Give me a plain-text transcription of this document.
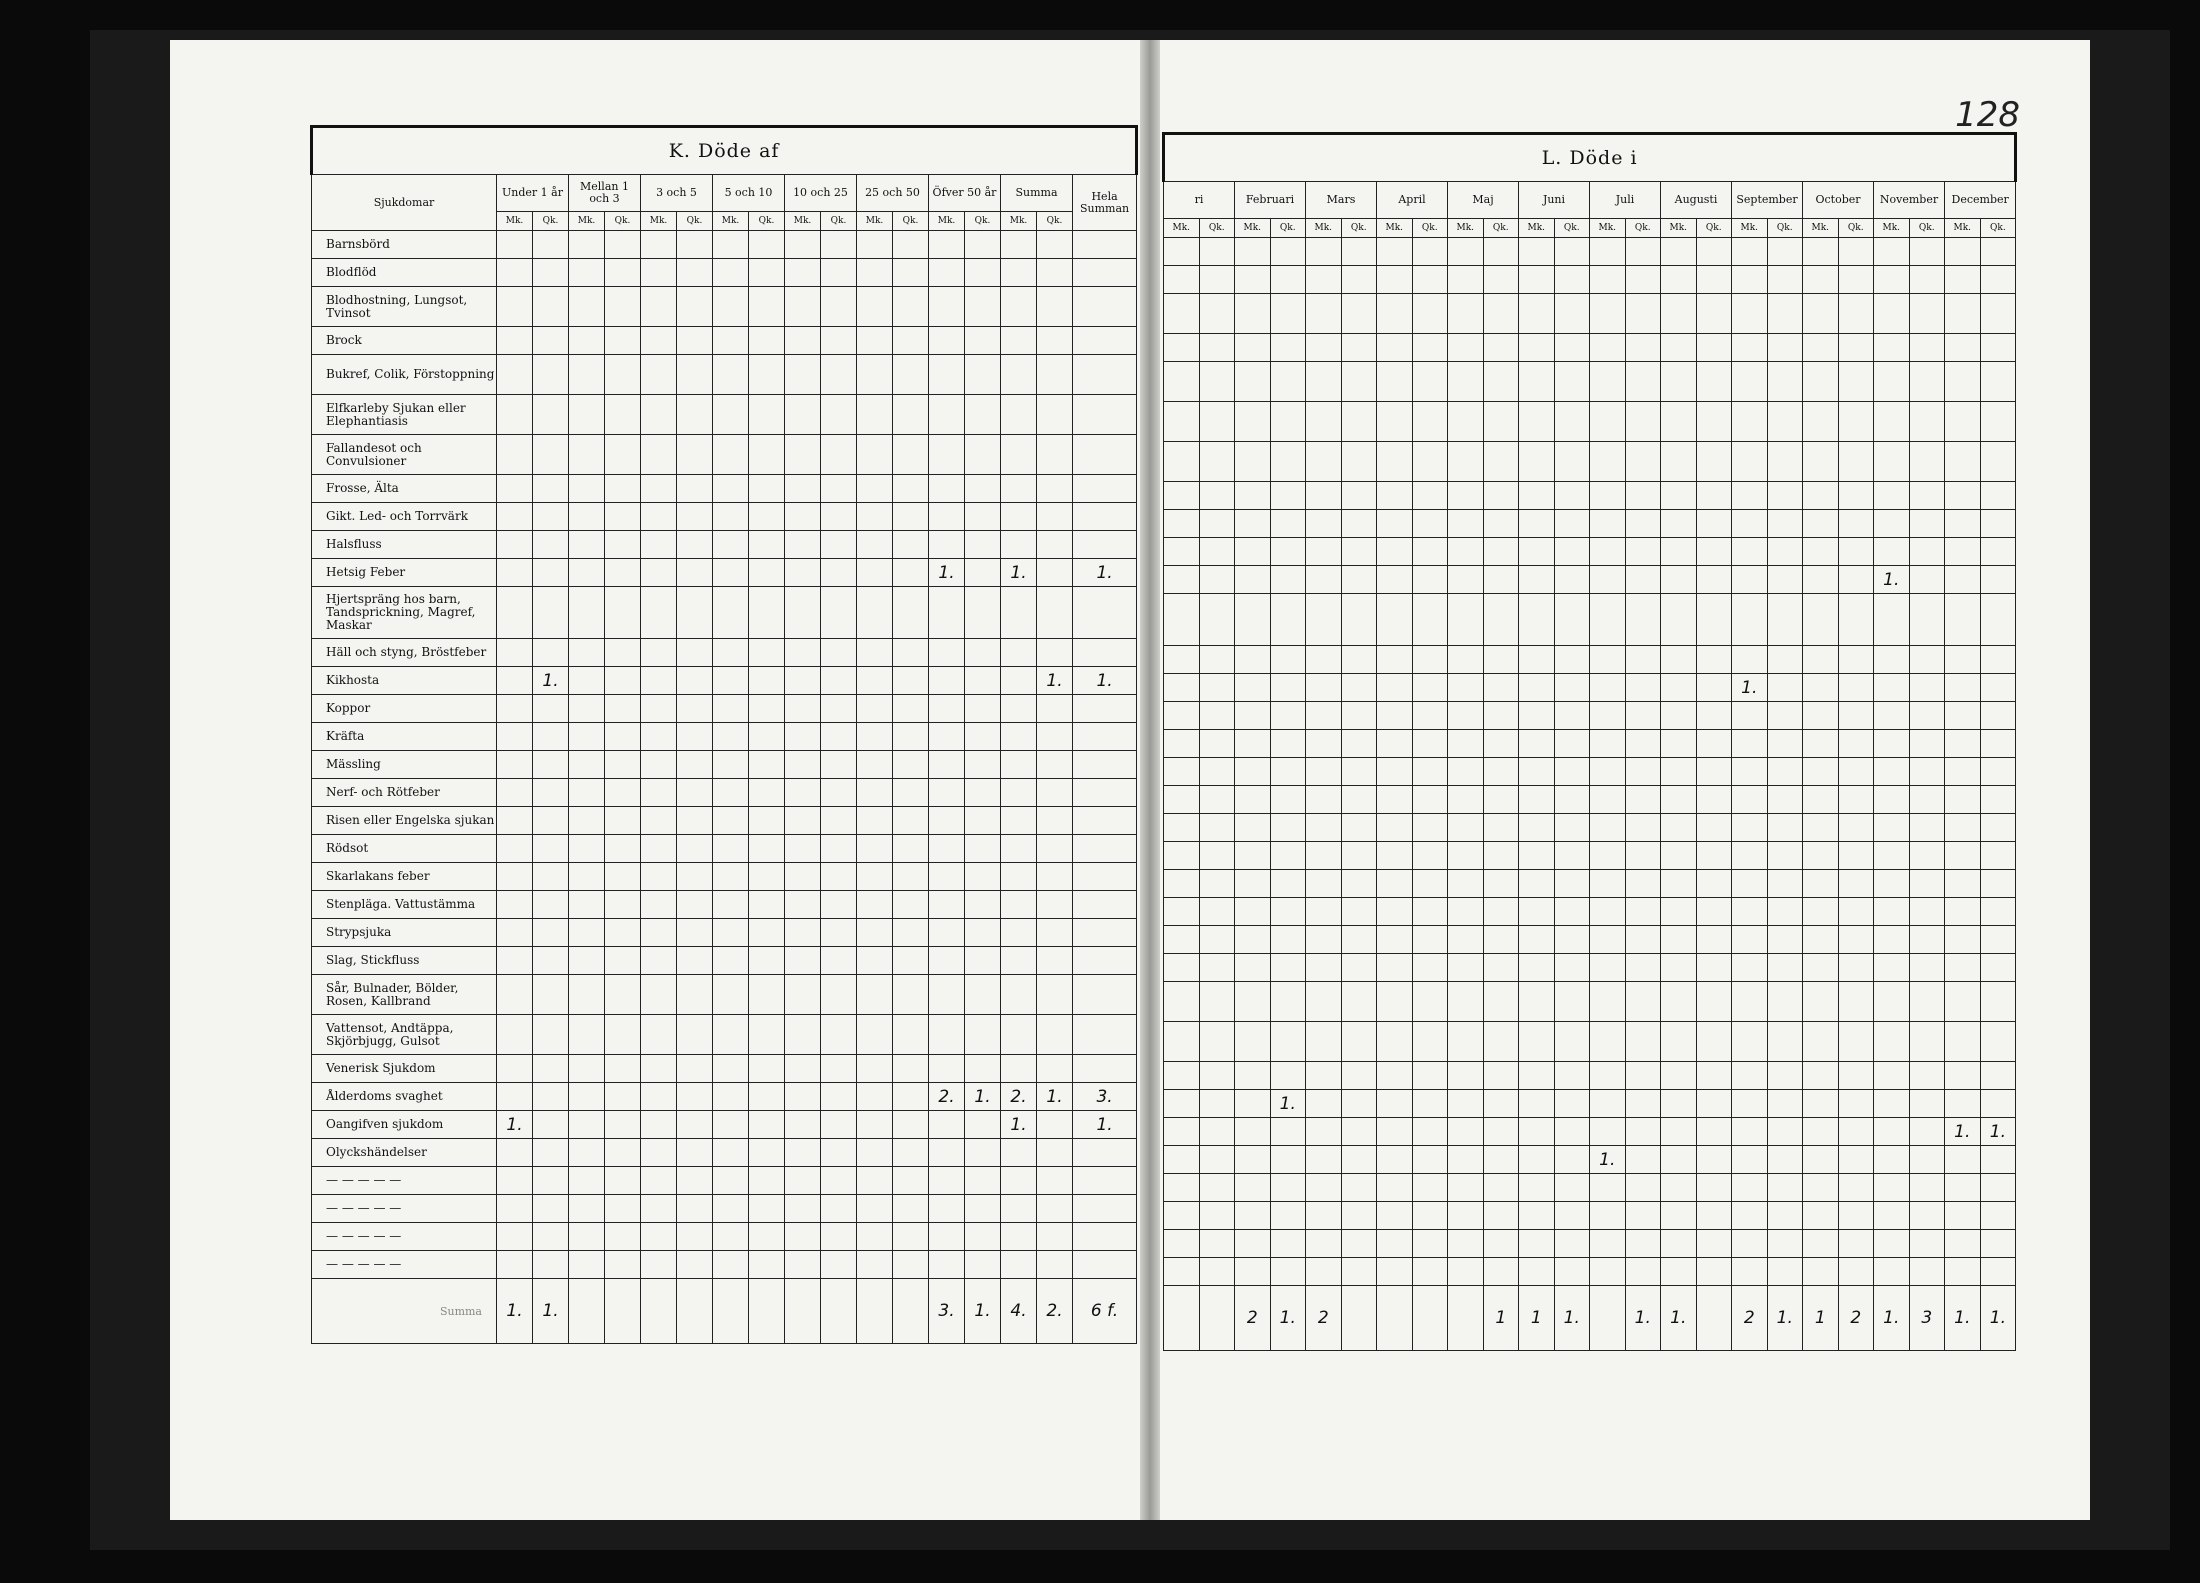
128
K. Döde af																	
Sjukdomar	Under 1 år		Mellan 1 och 3		3 och 5		5 och 10		10 och 25		25 och 50		Öfver 50 år		Summa		Hela Summan
	Mk.	Qk.	Mk.	Qk.	Mk.	Qk.	Mk.	Qk.	Mk.	Qk.	Mk.	Qk.	Mk.	Qk.	Mk.	Qk.	
Barnsbörd																	
Blodflöd																	
Blodhostning, Lungsot, Tvinsot																	
Brock																	
Bukref, Colik, Förstoppning																	
Elfkarleby Sjukan eller Elephantiasis																	
Fallandesot och Convulsioner																	
Frosse, Älta																	
Gikt. Led- och Torrvärk																	
Halsfluss																	
Hetsig Feber													1.		1.		1.
Hjertspräng hos barn, Tandsprickning, Magref, Maskar																	
Häll och styng, Bröstfeber																	
Kikhosta		1.														1.	1.
Koppor																	
Kräfta																	
Mässling																	
Nerf- och Rötfeber																	
Risen eller Engelska sjukan																	
Rödsot																	
Skarlakans feber																	
Stenpläga. Vattustämma																	
Strypsjuka																	
Slag, Stickfluss																	
Sår, Bulnader, Bölder, Rosen, Kallbrand																	
Vattensot, Andtäppa, Skjörbjugg, Gulsot																	
Venerisk Sjukdom																	
Ålderdoms svaghet													2.	1.	2.	1.	3.
Oangifven sjukdom	1.														1.		1.
Olyckshändelser																	
— — — — —																	
— — — — —																	
— — — — —																	
— — — — —																	
Summa	1.	1.											3.	1.	4.	2.	6 f.
L. Döde i																							
ri		Februari		Mars		April		Maj		Juni		Juli		Augusti		September		October		November		December	
Mk.	Qk.	Mk.	Qk.	Mk.	Qk.	Mk.	Qk.	Mk.	Qk.	Mk.	Qk.	Mk.	Qk.	Mk.	Qk.	Mk.	Qk.	Mk.	Qk.	Mk.	Qk.	Mk.	Qk.

																				1.			

																1.							

			1.																				
																						1.	1.
												1.											

		2	1.	2					1	1	1.		1.	1.		2	1.	1	2	1.	3	1.	1.
